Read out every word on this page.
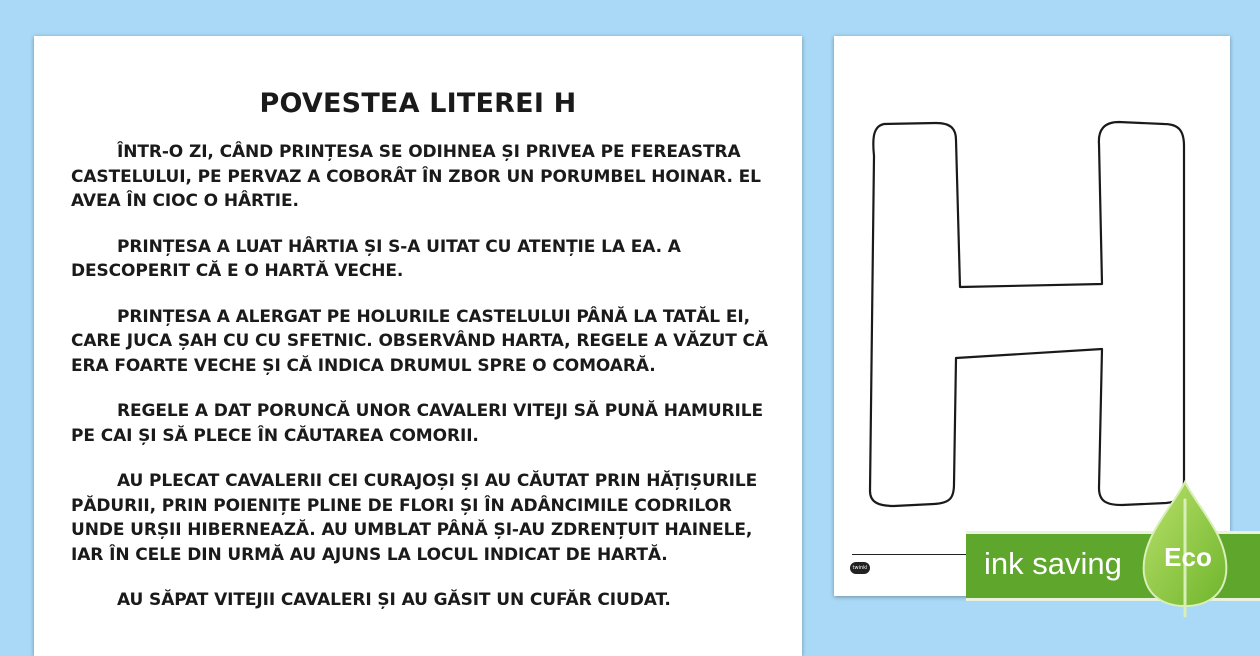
POVESTEA LITEREI H

ÎNTR-O ZI, CÂND PRINȚESA SE ODIHNEA ȘI PRIVEA PE FEREASTRA CASTELULUI, PE PERVAZ A COBORÂT ÎN ZBOR UN PORUMBEL HOINAR. EL AVEA ÎN CIOC O HÂRTIE.

PRINȚESA A LUAT HÂRTIA ȘI S-A UITAT CU ATENȚIE LA EA. A DESCOPERIT CĂ E O HARTĂ VECHE.

PRINȚESA A ALERGAT PE HOLURILE CASTELULUI PÂNĂ LA TATĂL EI, CARE JUCA ȘAH CU CU SFETNIC. OBSERVÂND HARTA, REGELE A VĂZUT CĂ ERA FOARTE VECHE ȘI CĂ INDICA DRUMUL SPRE O COMOARĂ.

REGELE A DAT PORUNCĂ UNOR CAVALERI VITEJI SĂ PUNĂ HAMURILE PE CAI ȘI SĂ PLECE ÎN CĂUTAREA COMORII.

AU PLECAT CAVALERII CEI CURAJOȘI ȘI AU CĂUTAT PRIN HĂȚIȘURILE PĂDURII, PRIN POIENIȚE PLINE DE FLORI ȘI ÎN ADÂNCIMILE CODRILOR UNDE URȘII HIBERNEAZĂ. AU UMBLAT PÂNĂ ȘI-AU ZDRENȚUIT HAINELE, IAR ÎN CELE DIN URMĂ AU AJUNS LA LOCUL INDICAT DE HARTĂ.

AU SĂPAT VITEJII CAVALERI ȘI AU GĂSIT UN CUFĂR CIUDAT.

twinkl	ink saving Eco
